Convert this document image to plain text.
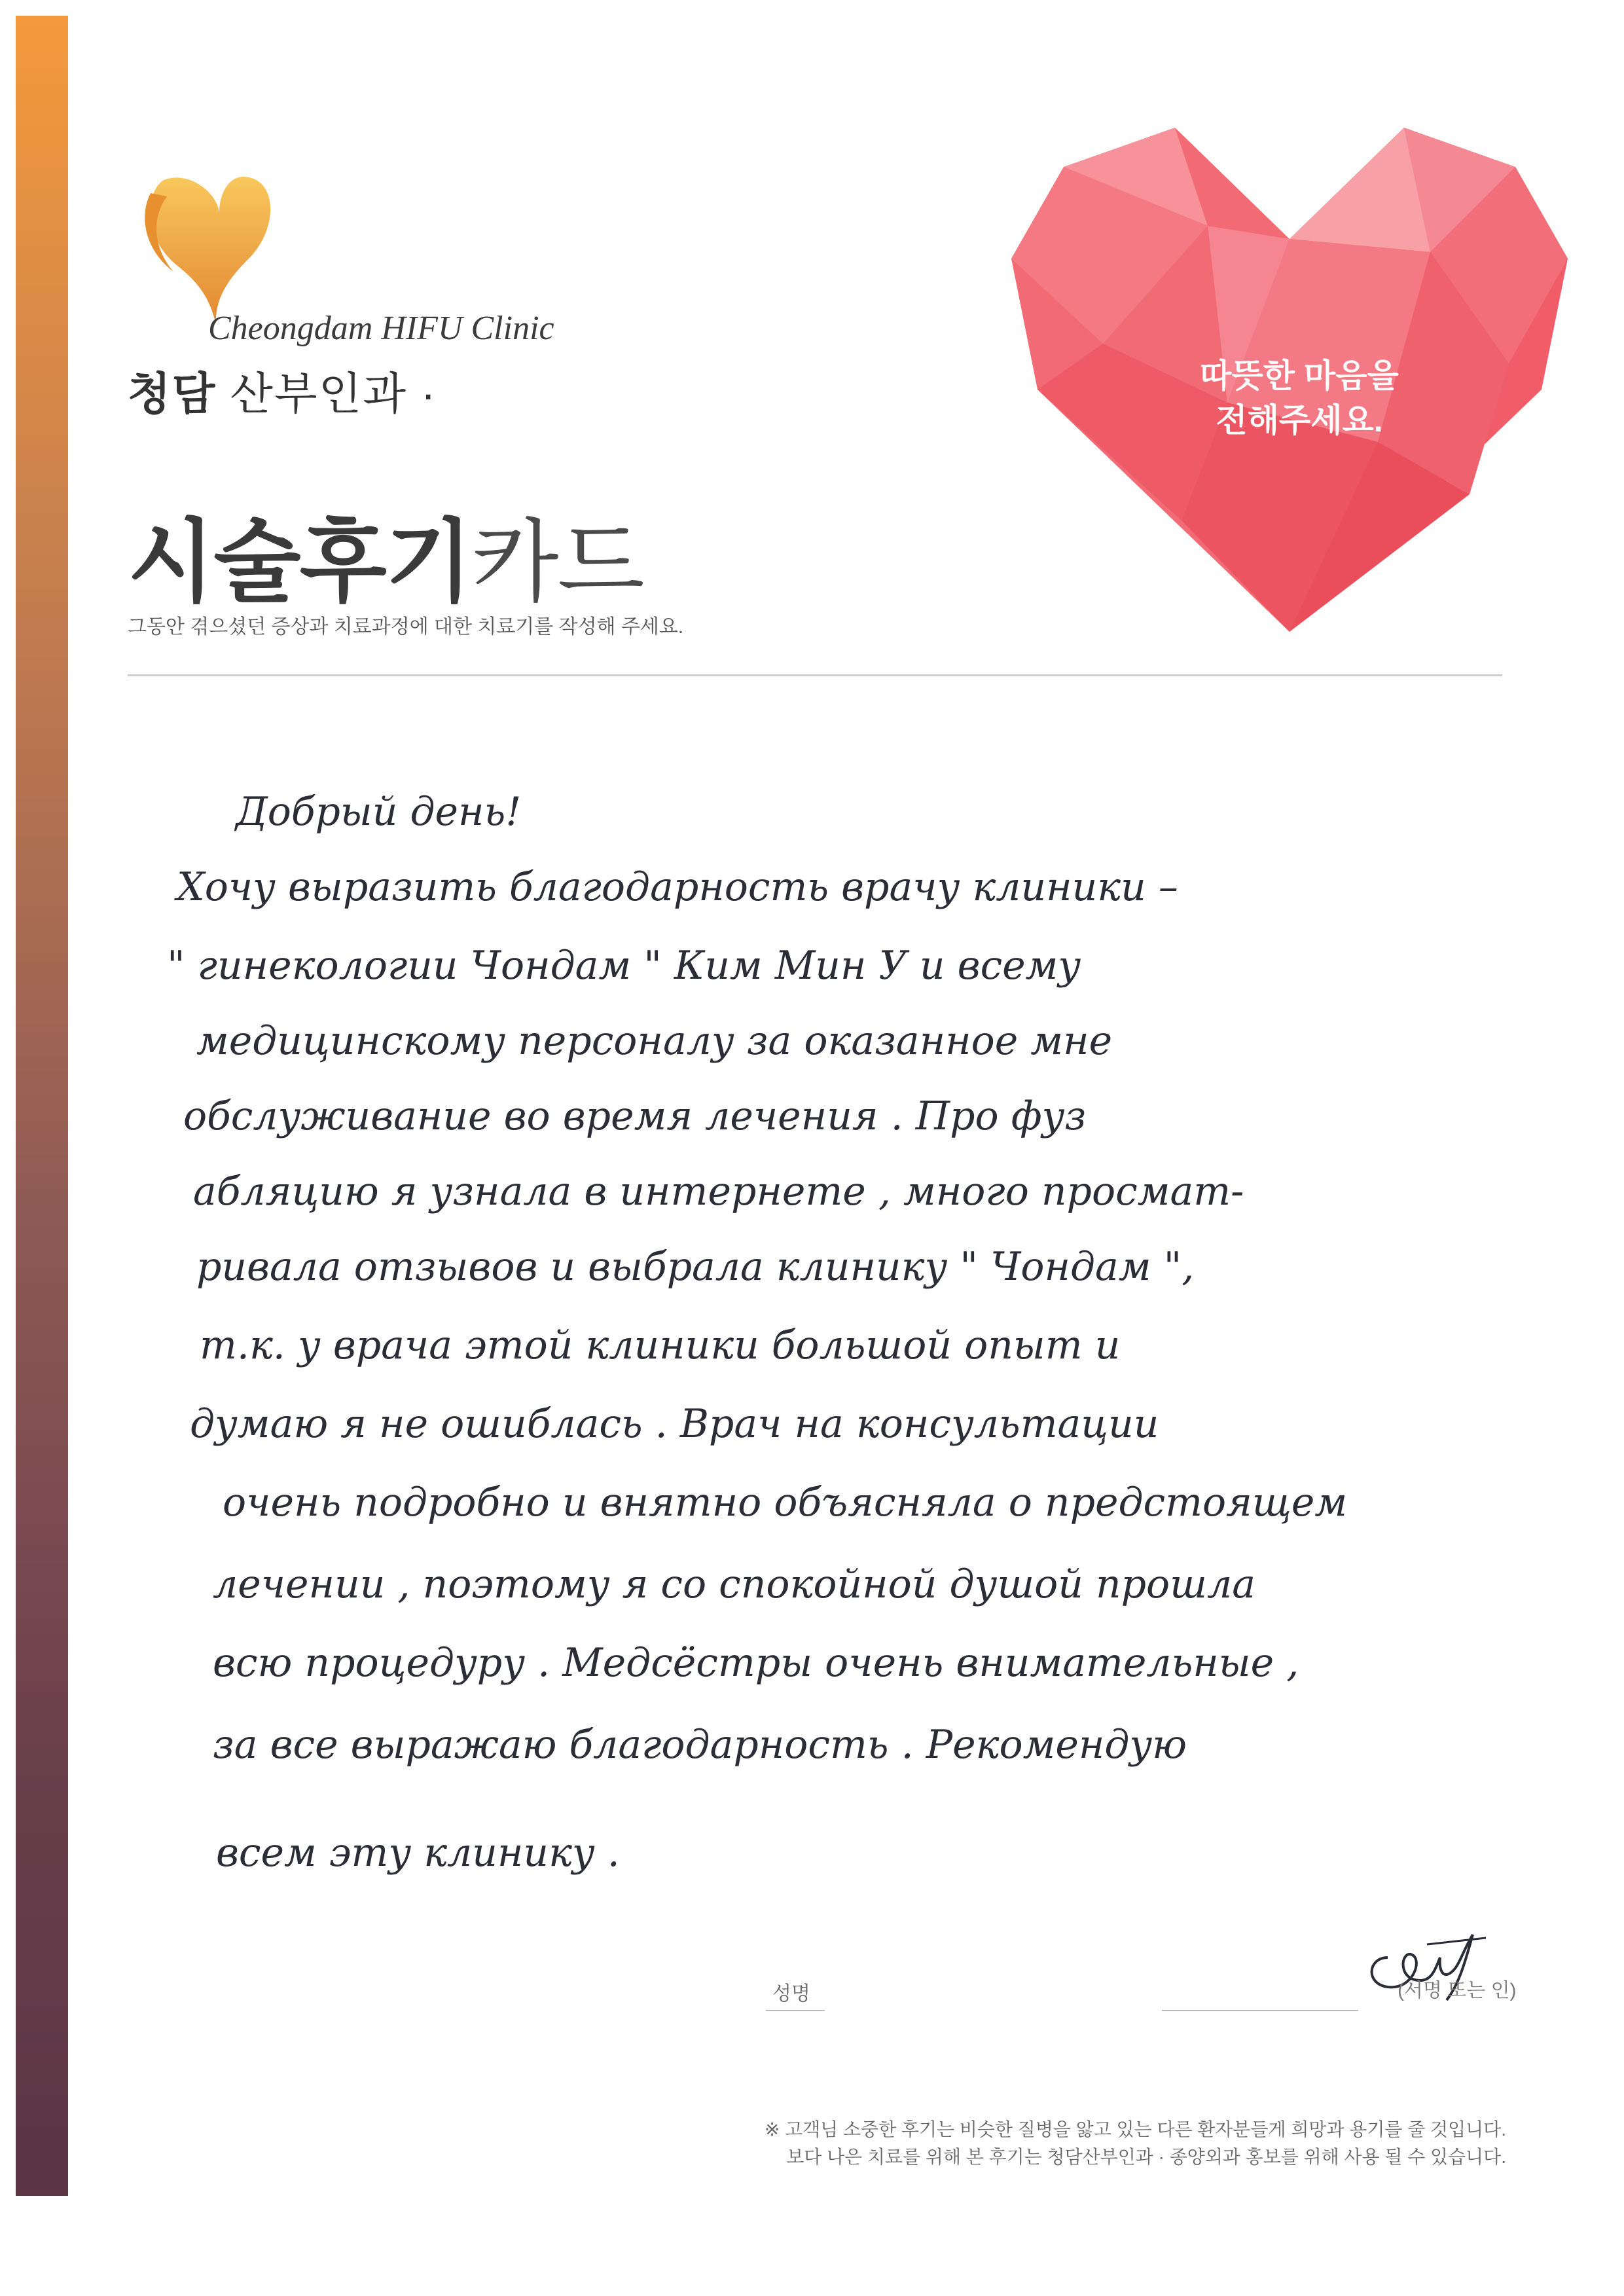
Cheongdam HIFU Clinic
청담 산부인과 ·
시술후기카드
그동안 겪으셨던 증상과 치료과정에 대한 치료기를 작성해 주세요.
따뜻한 마음을
전해주세요.
Добрый день!
Хочу выразить благодарность врачу клиники –
" гинекологии Чондам " Ким Мин У и всему
медицинскому персоналу за оказанное мне
обслуживание во время лечения . Про фуз
абляцию я узнала в интернете , много просмат-
ривала отзывов и выбрала клинику " Чондам ",
т.к. у врача этой клиники большой опыт и
думаю я не ошиблась . Врач на консультации
очень подробно и внятно объясняла о предстоящем
лечении , поэтому я со спокойной душой прошла
всю процедуру . Медсёстры очень внимательные ,
за все выражаю благодарность . Рекомендую
всем эту клинику .
성명	(서명 또는 인)
※ 고객님 소중한 후기는 비슷한 질병을 앓고 있는 다른 환자분들게 희망과 용기를 줄 것입니다.
보다 나은 치료를 위해 본 후기는 청담산부인과 · 종양외과 홍보를 위해 사용 될 수 있습니다.
